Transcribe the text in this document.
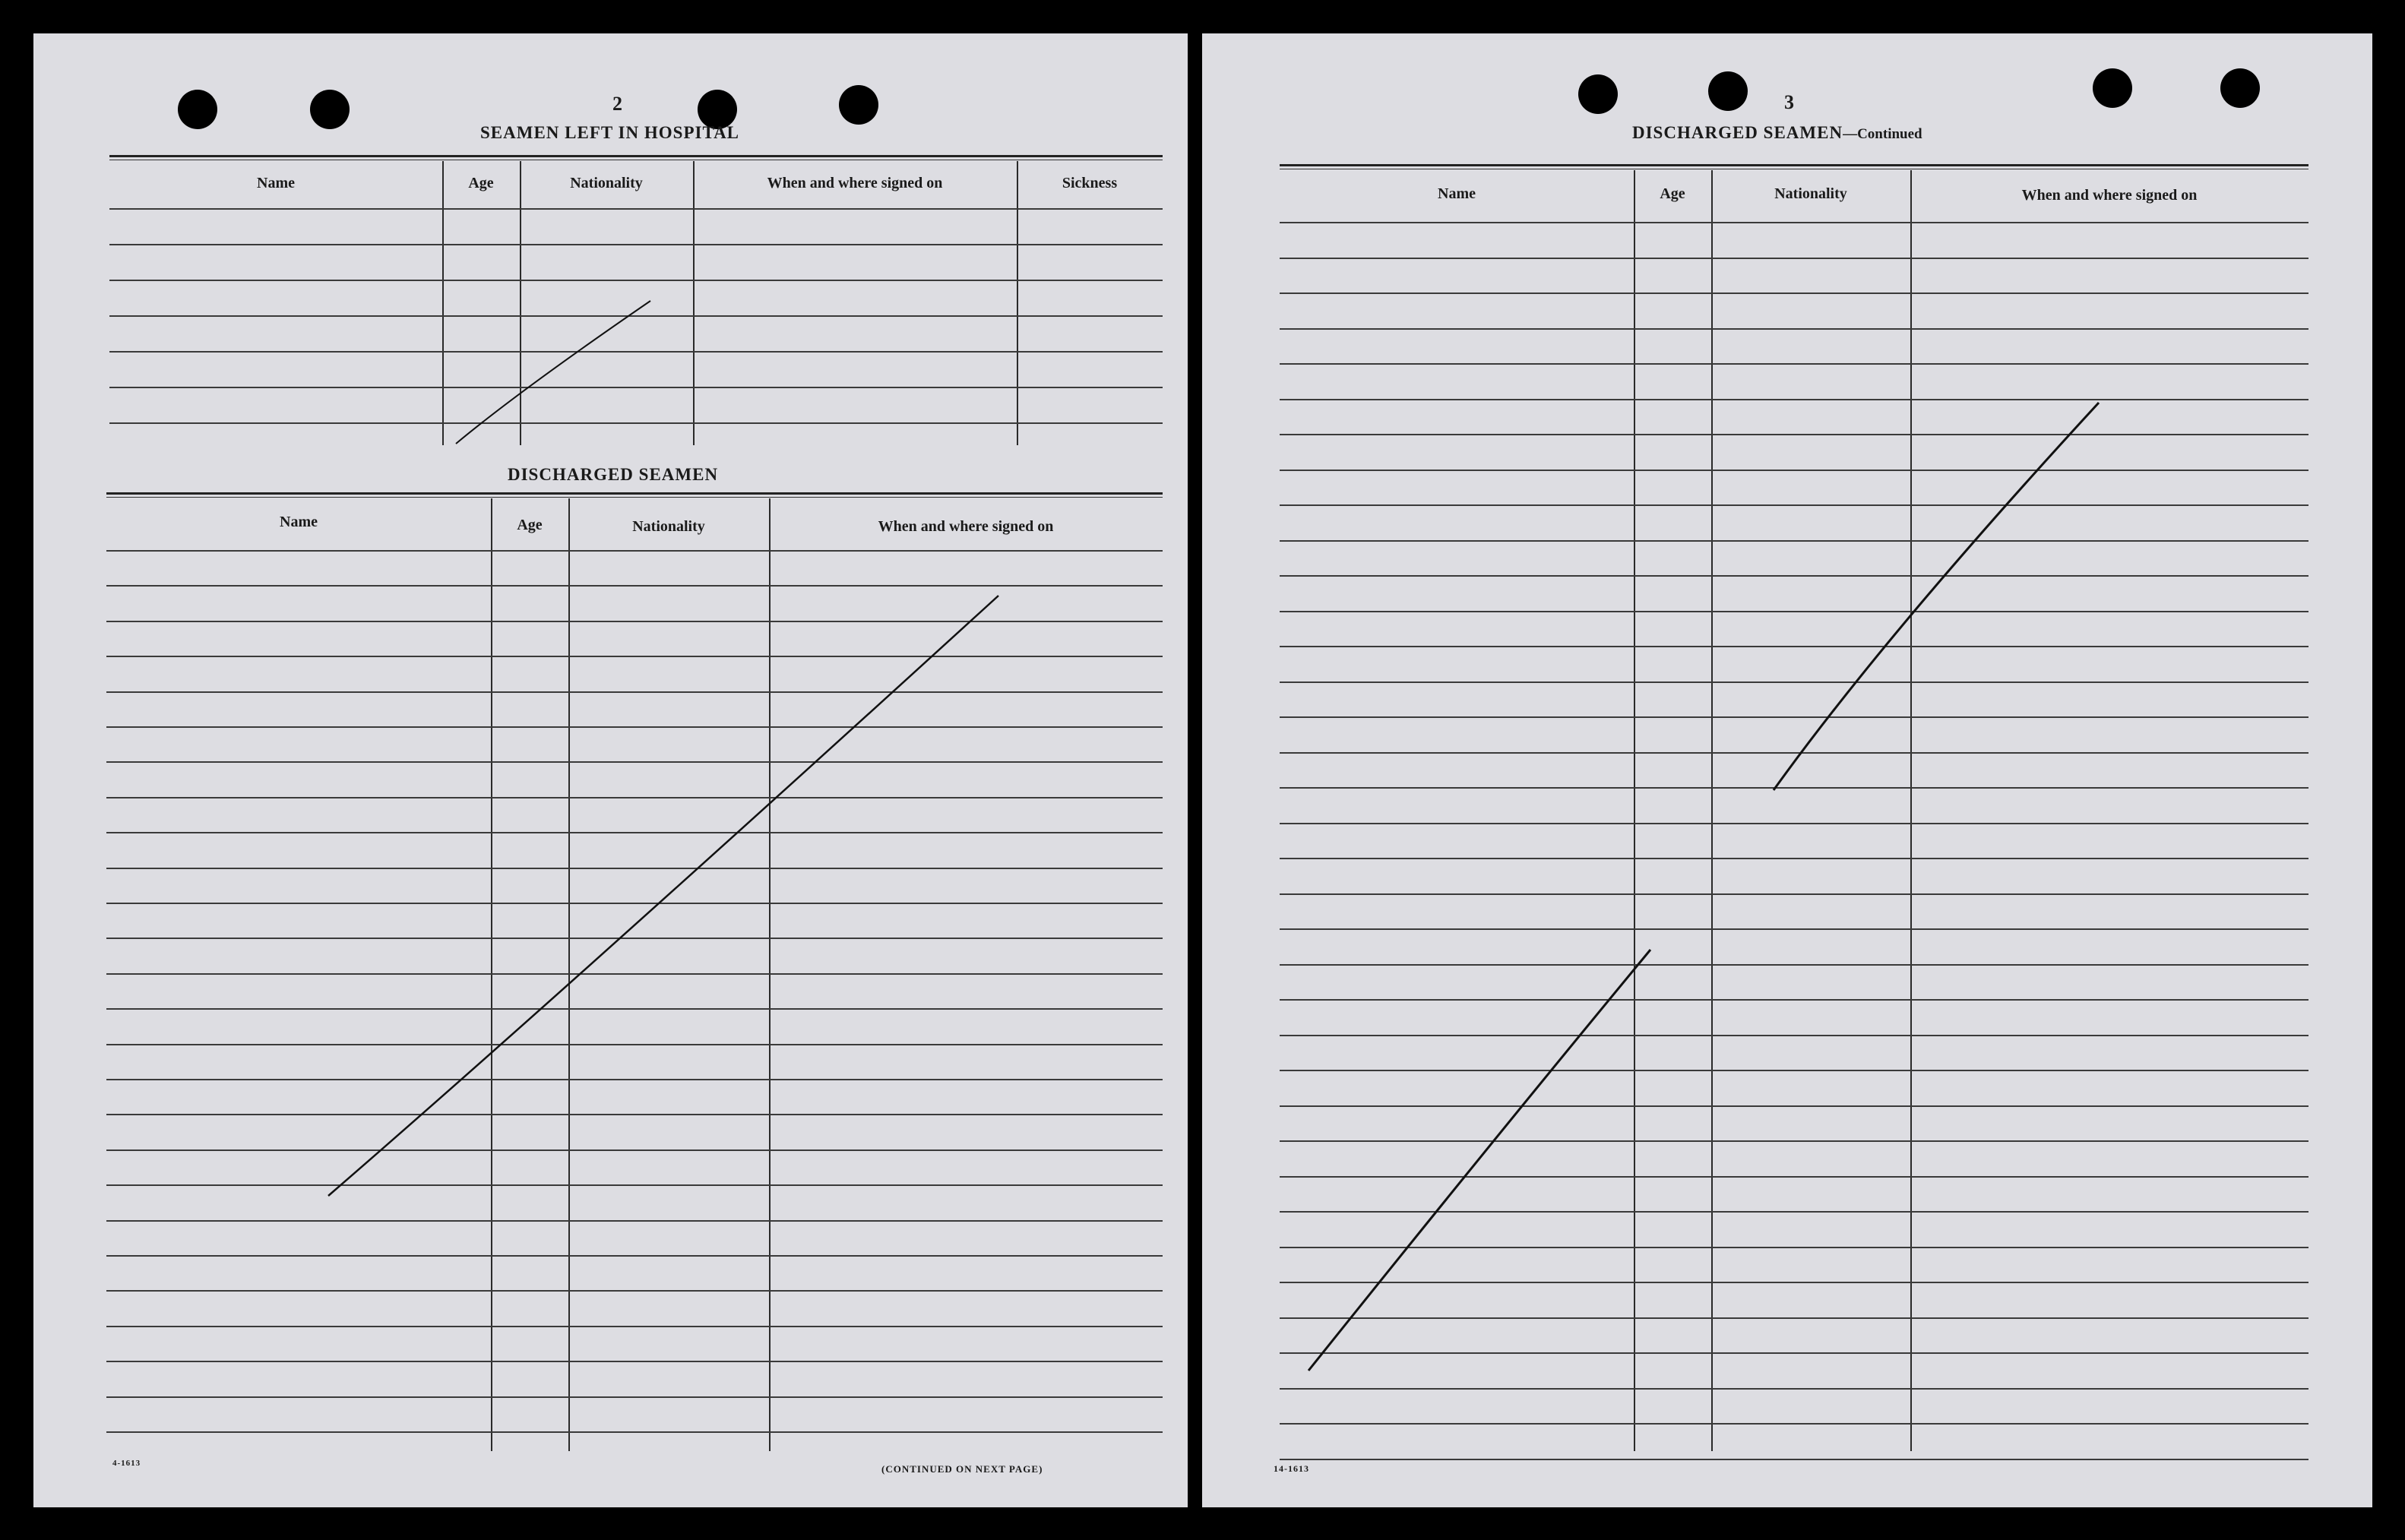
2
SEAMEN LEFT IN HOSPITAL
Name	Age	Nationality	When and where signed on	Sickness
DISCHARGED SEAMEN
Name	Age	Nationality	When and where signed on
4-1613	(CONTINUED ON NEXT PAGE)
3
DISCHARGED SEAMEN—Continued
Name	Age	Nationality	When and where signed on
14-1613
